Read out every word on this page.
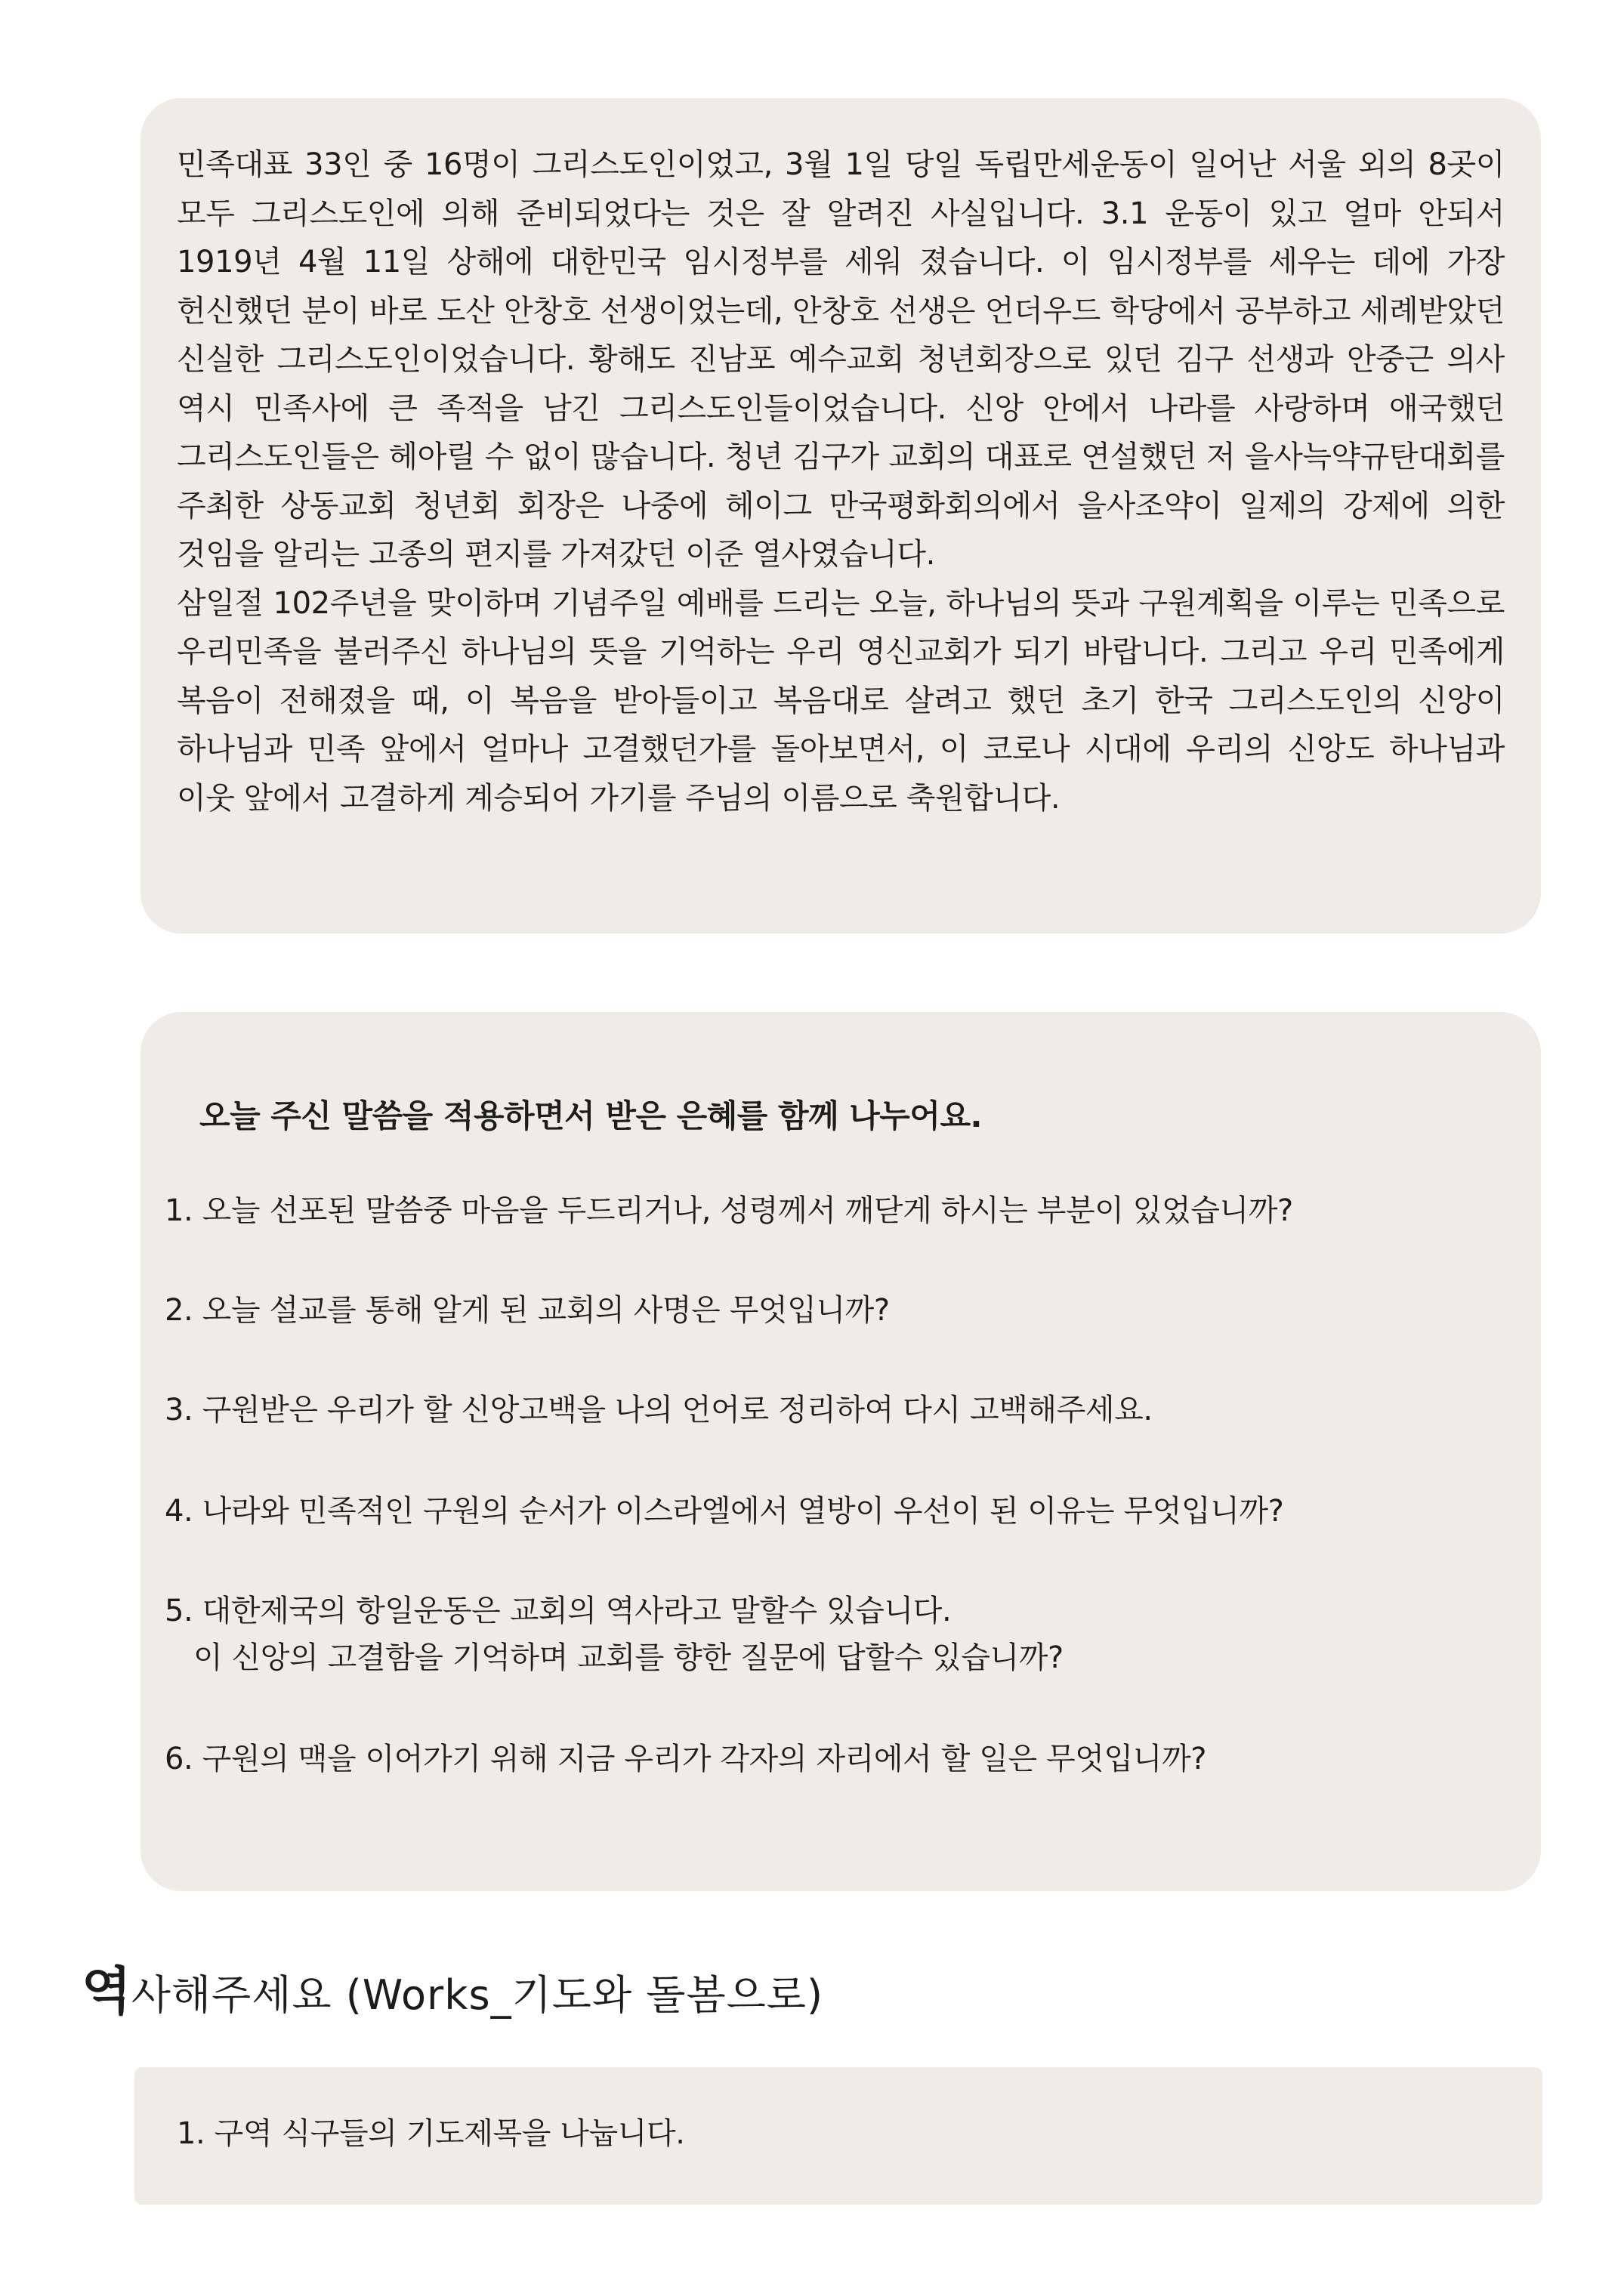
민족대표 33인 중 16명이 그리스도인이었고, 3월 1일 당일 독립만세운동이 일어난 서울 외의 8곳이 모두 그리스도인에 의해 준비되었다는 것은 잘 알려진 사실입니다. 3.1 운동이 있고 얼마 안되서 1919년 4월 11일 상해에 대한민국 임시정부를 세워 졌습니다. 이 임시정부를 세우는 데에 가장 헌신했던 분이 바로 도산 안창호 선생이었는데, 안창호 선생은 언더우드 학당에서 공부하고 세례받았던 신실한 그리스도인이었습니다. 황해도 진남포 예수교회 청년회장으로 있던 김구 선생과 안중근 의사 역시 민족사에 큰 족적을 남긴 그리스도인들이었습니다. 신앙 안에서 나라를 사랑하며 애국했던 그리스도인들은 헤아릴 수 없이 많습니다. 청년 김구가 교회의 대표로 연설했던 저 을사늑약규탄대회를 주최한 상동교회 청년회 회장은 나중에 헤이그 만국평화회의에서 을사조약이 일제의 강제에 의한 것임을 알리는 고종의 편지를 가져갔던 이준 열사였습니다.

삼일절 102주년을 맞이하며 기념주일 예배를 드리는 오늘, 하나님의 뜻과 구원계획을 이루는 민족으로 우리민족을 불러주신 하나님의 뜻을 기억하는 우리 영신교회가 되기 바랍니다. 그리고 우리 민족에게 복음이 전해졌을 때, 이 복음을 받아들이고 복음대로 살려고 했던 초기 한국 그리스도인의 신앙이 하나님과 민족 앞에서 얼마나 고결했던가를 돌아보면서, 이 코로나 시대에 우리의 신앙도 하나님과 이웃 앞에서 고결하게 계승되어 가기를 주님의 이름으로 축원합니다.

오늘 주신 말씀을 적용하면서 받은 은혜를 함께 나누어요.

1. 오늘 선포된 말씀중 마음을 두드리거나, 성령께서 깨닫게 하시는 부분이 있었습니까?

2. 오늘 설교를 통해 알게 된 교회의 사명은 무엇입니까?

3. 구원받은 우리가 할 신앙고백을 나의 언어로 정리하여 다시 고백해주세요.

4. 나라와 민족적인 구원의 순서가 이스라엘에서 열방이 우선이 된 이유는 무엇입니까?

5. 대한제국의 항일운동은 교회의 역사라고 말할수 있습니다.

이 신앙의 고결함을 기억하며 교회를 향한 질문에 답할수 있습니까?

6. 구원의 맥을 이어가기 위해 지금 우리가 각자의 자리에서 할 일은 무엇입니까?

역사해주세요 (Works_기도와 돌봄으로)

1. 구역 식구들의 기도제목을 나눕니다.
